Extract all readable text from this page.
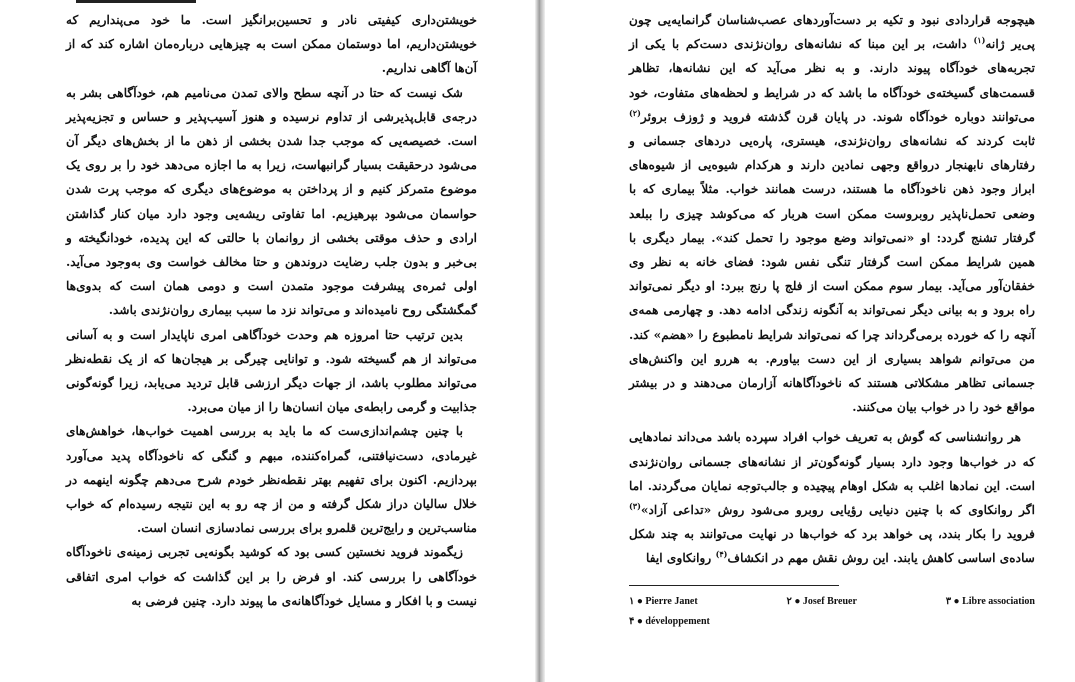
خویشتن‌داری کیفیتی نادر و تحسین‌برانگیز است. ما خود می‌پنداریم که خویشتن‌داریم، اما دوستمان ممکن است به چیزهایی درباره‌مان اشاره کند که از آن‌ها آگاهی نداریم.

شک نیست که حتا در آنچه سطح والای تمدن می‌نامیم هم، خودآگاهی بشر به درجه‌ی قابل‌پذیرشی از تداوم نرسیده و هنوز آسیب‌پذیر و حساس و تجزیه‌پذیر است. خصیصه‌یی که موجب جدا شدن بخشی از ذهن ما از بخش‌های دیگر آن می‌شود درحقیقت بسیار گرانبهاست، زیرا به ما اجازه می‌دهد خود را بر روی یک موضوع متمرکز کنیم و از پرداختن به موضوع‌های دیگری که موجب پرت شدن حواسمان می‌شود بپرهیزیم. اما تفاوتی ریشه‌یی وجود دارد میان کنار گذاشتن ارادی و حذف موقتی بخشی از روانمان با حالتی که این پدیده، خودانگیخته و بی‌خبر و بدون جلب رضایت دروندهن و حتا مخالف خواست وی به‌وجود می‌آید. اولی ثمره‌ی پیشرفت موجود متمدن است و دومی همان است که بدوی‌ها گمگشتگی روح نامیده‌اند و می‌تواند نزد ما سبب بیماری روان‌نژندی باشد.

بدین ترتیب حتا امروزه هم وحدت خودآگاهی امری ناپایدار است و به آسانی می‌تواند از هم گسیخته شود. و توانایی چیرگی بر هیجان‌ها که از یک نقطه‌نظر می‌تواند مطلوب باشد، از جهات دیگر ارزشی قابل تردید می‌یابد، زیرا گونه‌گونی جذابیت و گرمی رابطه‌ی میان انسان‌ها را از میان می‌برد.

با چنین چشم‌اندازی‌ست که ما باید به بررسی اهمیت خواب‌ها، خواهش‌های غیرمادی، دست‌نیافتنی، گمراه‌کننده، مبهم و گنگی که ناخودآگاه پدید می‌آورد بپردازیم. اکنون برای تفهیم بهتر نقطه‌نظر خودم شرح می‌دهم چگونه اینهمه در خلال سالیان دراز شکل گرفته و من از چه رو به این نتیجه رسیده‌ام که خواب مناسب‌ترین و رایج‌ترین قلمرو برای بررسی نمادسازی انسان است.

زیگموند فروید نخستین کسی بود که کوشید بگونه‌یی تجربی زمینه‌ی ناخودآگاه خودآگاهی را بررسی کند. او فرض را بر این گذاشت که خواب امری اتفاقی نیست و با افکار و مسایل خودآگاهانه‌ی ما پیوند دارد. چنین فرضی به

هیچوجه قراردادی نبود و تکیه بر دست‌آوردهای عصب‌شناسان گرانمایه‌یی چون پی‌یر ژانه$^{(۱)}$ داشت، بر این مبنا که نشانه‌های روان‌نژندی دست‌کم با یکی از تجربه‌های خودآگاه پیوند دارند. و به نظر می‌آید که این نشانه‌ها، تظاهر قسمت‌های گسیخته‌ی خودآگاه ما باشد که در شرایط و لحظه‌های متفاوت، خود می‌توانند دوباره خودآگاه شوند. در پایان قرن گذشته فروید و ژوزف بروئر$^{(۲)}$ ثابت کردند که نشانه‌های روان‌نژندی، هیستری، پاره‌یی دردهای جسمانی و رفتارهای نابهنجار درواقع وجهی نمادین دارند و هرکدام شیوه‌یی از شیوه‌های ابراز وجود ذهن ناخودآگاه ما هستند، درست همانند خواب. مثلاً بیماری که با وضعی تحمل‌ناپذیر روبروست ممکن است هربار که می‌کوشد چیزی را ببلعد گرفتار تشنج گردد: او «نمی‌تواند وضع موجود را تحمل کند». بیمار دیگری با همین شرایط ممکن است گرفتار تنگی نفس شود: فضای خانه به نظر وی خفقان‌آور می‌آید. بیمار سوم ممکن است از فلج پا رنج ببرد: او دیگر نمی‌تواند راه برود و به بیانی دیگر نمی‌تواند به آنگونه زندگی ادامه دهد. و چهارمی همه‌ی آنچه را که خورده برمی‌گرداند چرا که نمی‌تواند شرایط نامطبوع را «هضم» کند. من می‌توانم شواهد بسیاری از این دست بیاورم. به هررو این واکنش‌های جسمانی تظاهر مشکلاتی هستند که ناخودآگاهانه آزارمان می‌دهند و در بیشتر مواقع خود را در خواب بیان می‌کنند.

هر روانشناسی که گوش به تعریف خواب افراد سپرده باشد می‌داند نمادهایی که در خواب‌ها وجود دارد بسیار گونه‌گون‌تر از نشانه‌های جسمانی روان‌نژندی است. این نمادها اغلب به شکل اوهام پیچیده و جالب‌توجه نمایان می‌گردند. اما اگر روانکاوی که با چنین دنیایی رؤیایی روبرو می‌شود روش «تداعی آزاد»$^{(۳)}$ فروید را بکار بندد، پی خواهد برد که خواب‌ها در نهایت می‌توانند به چند شکل ساده‌ی اساسی کاهش یابند. این روش نقش مهم در انکشاف$^{(۴)}$ روانکاوی ایفا

۱ ● Pierre Janet	۲ ● Josef Breuer	۳ ● Libre association
۴ ● développement
